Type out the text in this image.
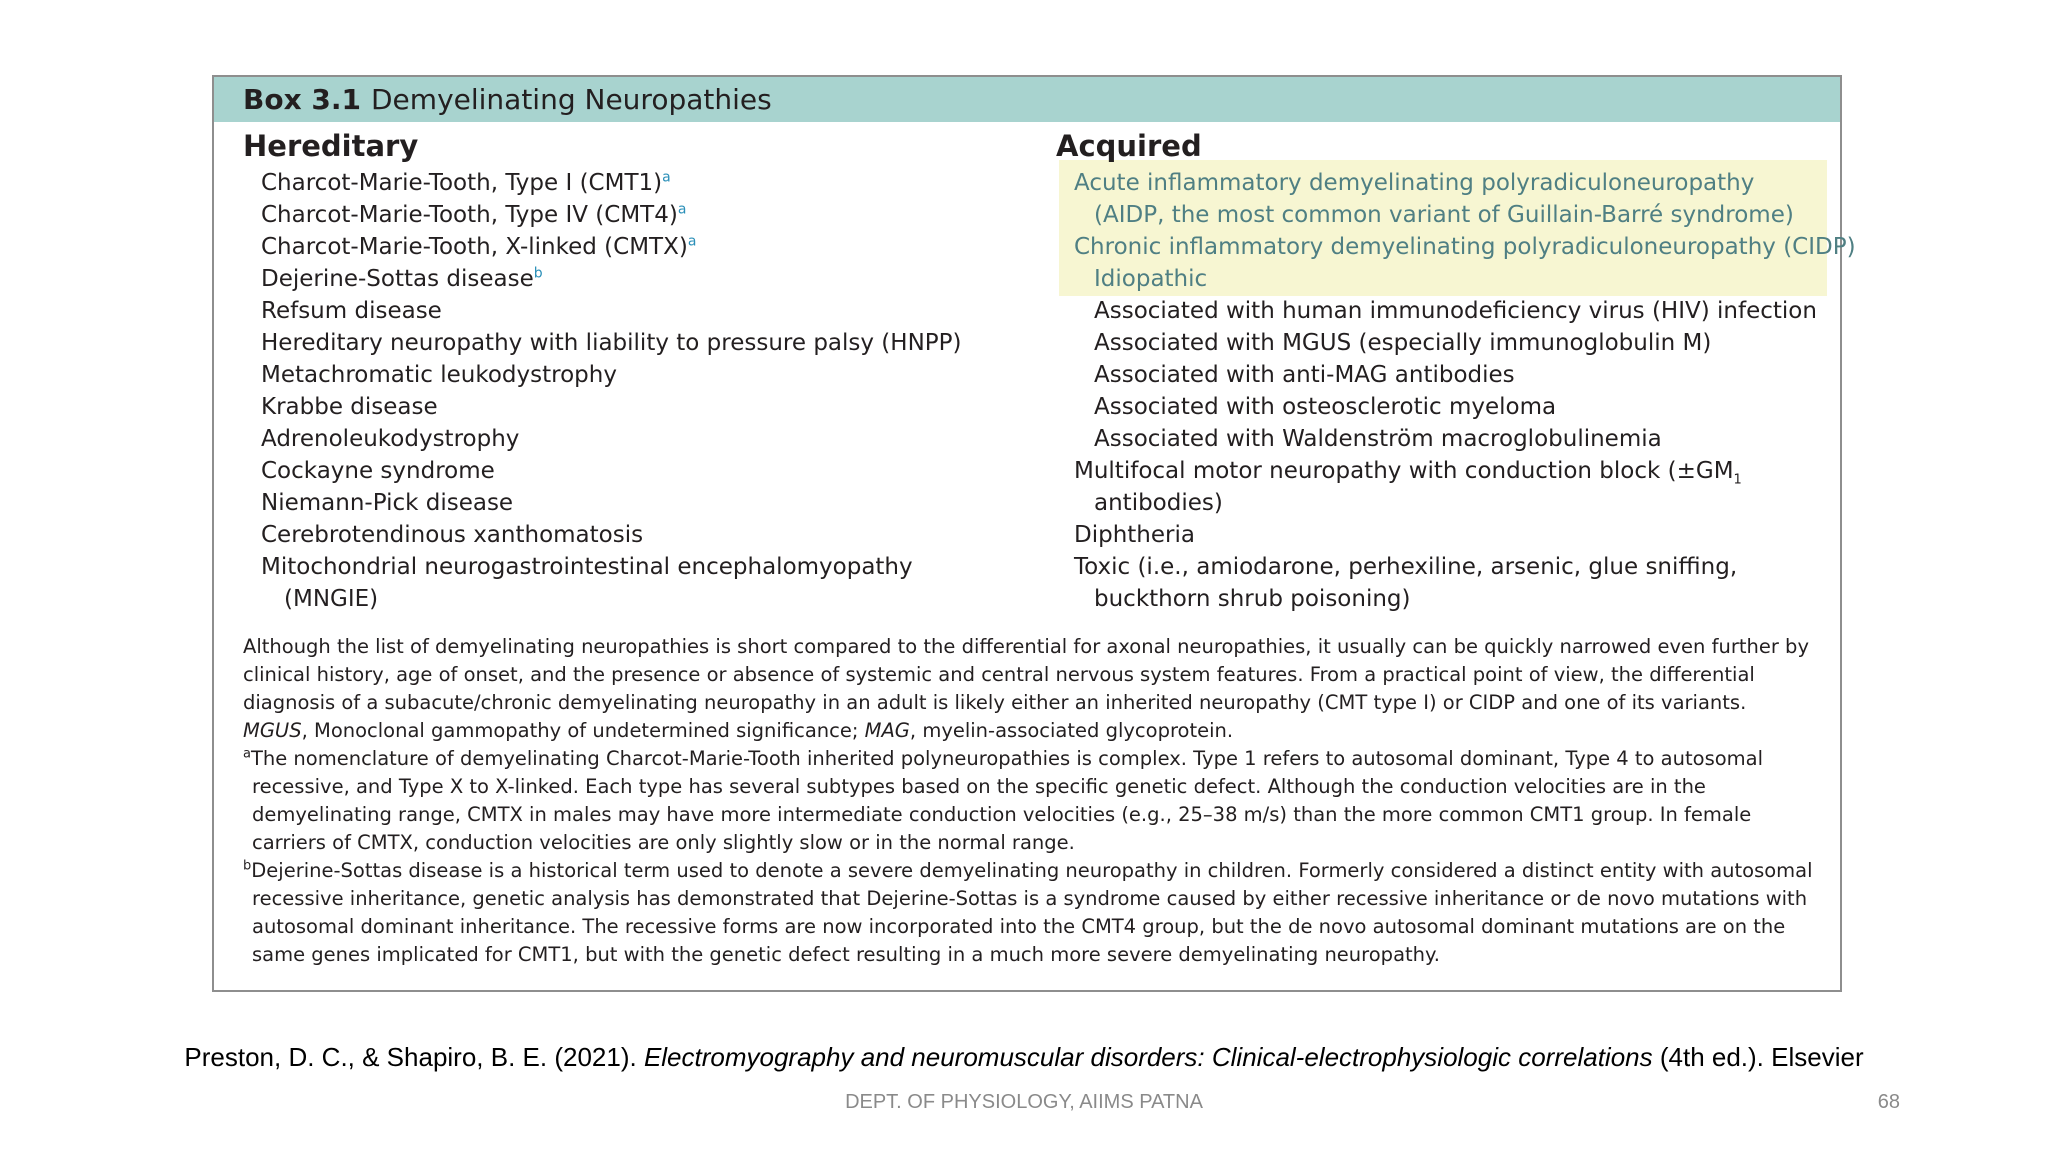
Box 3.1 Demyelinating Neuropathies
Hereditary
Charcot-Marie-Tooth, Type I $(CMT1)^a$
Charcot-Marie-Tooth, Type IV $(CMT4)^a$
Charcot-Marie-Tooth, X-linked (CMTX)$^a$
Dejerine-Sottas disease$^b$
Refsum disease
Hereditary neuropathy with liability to pressure palsy (HNPP)
Metachromatic leukodystrophy
Krabbe disease
Adrenoleukodystrophy
Cockayne syndrome
Niemann-Pick disease
Cerebrotendinous xanthomatosis
Mitochondrial neurogastrointestinal encephalomyopathy
(MNGIE)
Acquired
Acute inflammatory demyelinating polyradiculoneuropathy
(AIDP, the most common variant of Guillain-Barré syndrome)
Chronic inflammatory demyelinating polyradiculoneuropathy (CIDP)
Idiopathic
Associated with human immunodeficiency virus (HIV) infection
Associated with MGUS (especially immunoglobulin M)
Associated with anti-MAG antibodies
Associated with osteosclerotic myeloma
Associated with Waldenström macroglobulinemia
Multifocal motor neuropathy with conduction block ($\pm GM_1$
antibodies)
Diphtheria
Toxic (i.e., amiodarone, perhexiline, arsenic, glue sniffing,
buckthorn shrub poisoning)

Although the list of demyelinating neuropathies is short compared to the differential for axonal neuropathies, it usually can be quickly narrowed even further by clinical history, age of onset, and the presence or absence of systemic and central nervous system features. From a practical point of view, the differential diagnosis of a subacute/chronic demyelinating neuropathy in an adult is likely either an inherited neuropathy (CMT type I) or CIDP and one of its variants.

MGUS, Monoclonal gammopathy of undetermined significance; MAG, myelin-associated glycoprotein.

$^a$The nomenclature of demyelinating Charcot-Marie-Tooth inherited polyneuropathies is complex. Type 1 refers to autosomal dominant, Type 4 to autosomal recessive, and Type X to X-linked. Each type has several subtypes based on the specific genetic defect. Although the conduction velocities are in the demyelinating range, CMTX in males may have more intermediate conduction velocities (e.g., 25–38 m/s) than the more common CMT1 group. In female carriers of CMTX, conduction velocities are only slightly slow or in the normal range.

$^b$Dejerine-Sottas disease is a historical term used to denote a severe demyelinating neuropathy in children. Formerly considered a distinct entity with autosomal recessive inheritance, genetic analysis has demonstrated that Dejerine-Sottas is a syndrome caused by either recessive inheritance or de novo mutations with autosomal dominant inheritance. The recessive forms are now incorporated into the CMT4 group, but the de novo autosomal dominant mutations are on the same genes implicated for CMT1, but with the genetic defect resulting in a much more severe demyelinating neuropathy.

Preston, D. C., & Shapiro, B. E. (2021). Electromyography and neuromuscular disorders: Clinical-electrophysiologic correlations (4th ed.). Elsevier
DEPT. OF PHYSIOLOGY, AIIMS PATNA	68
